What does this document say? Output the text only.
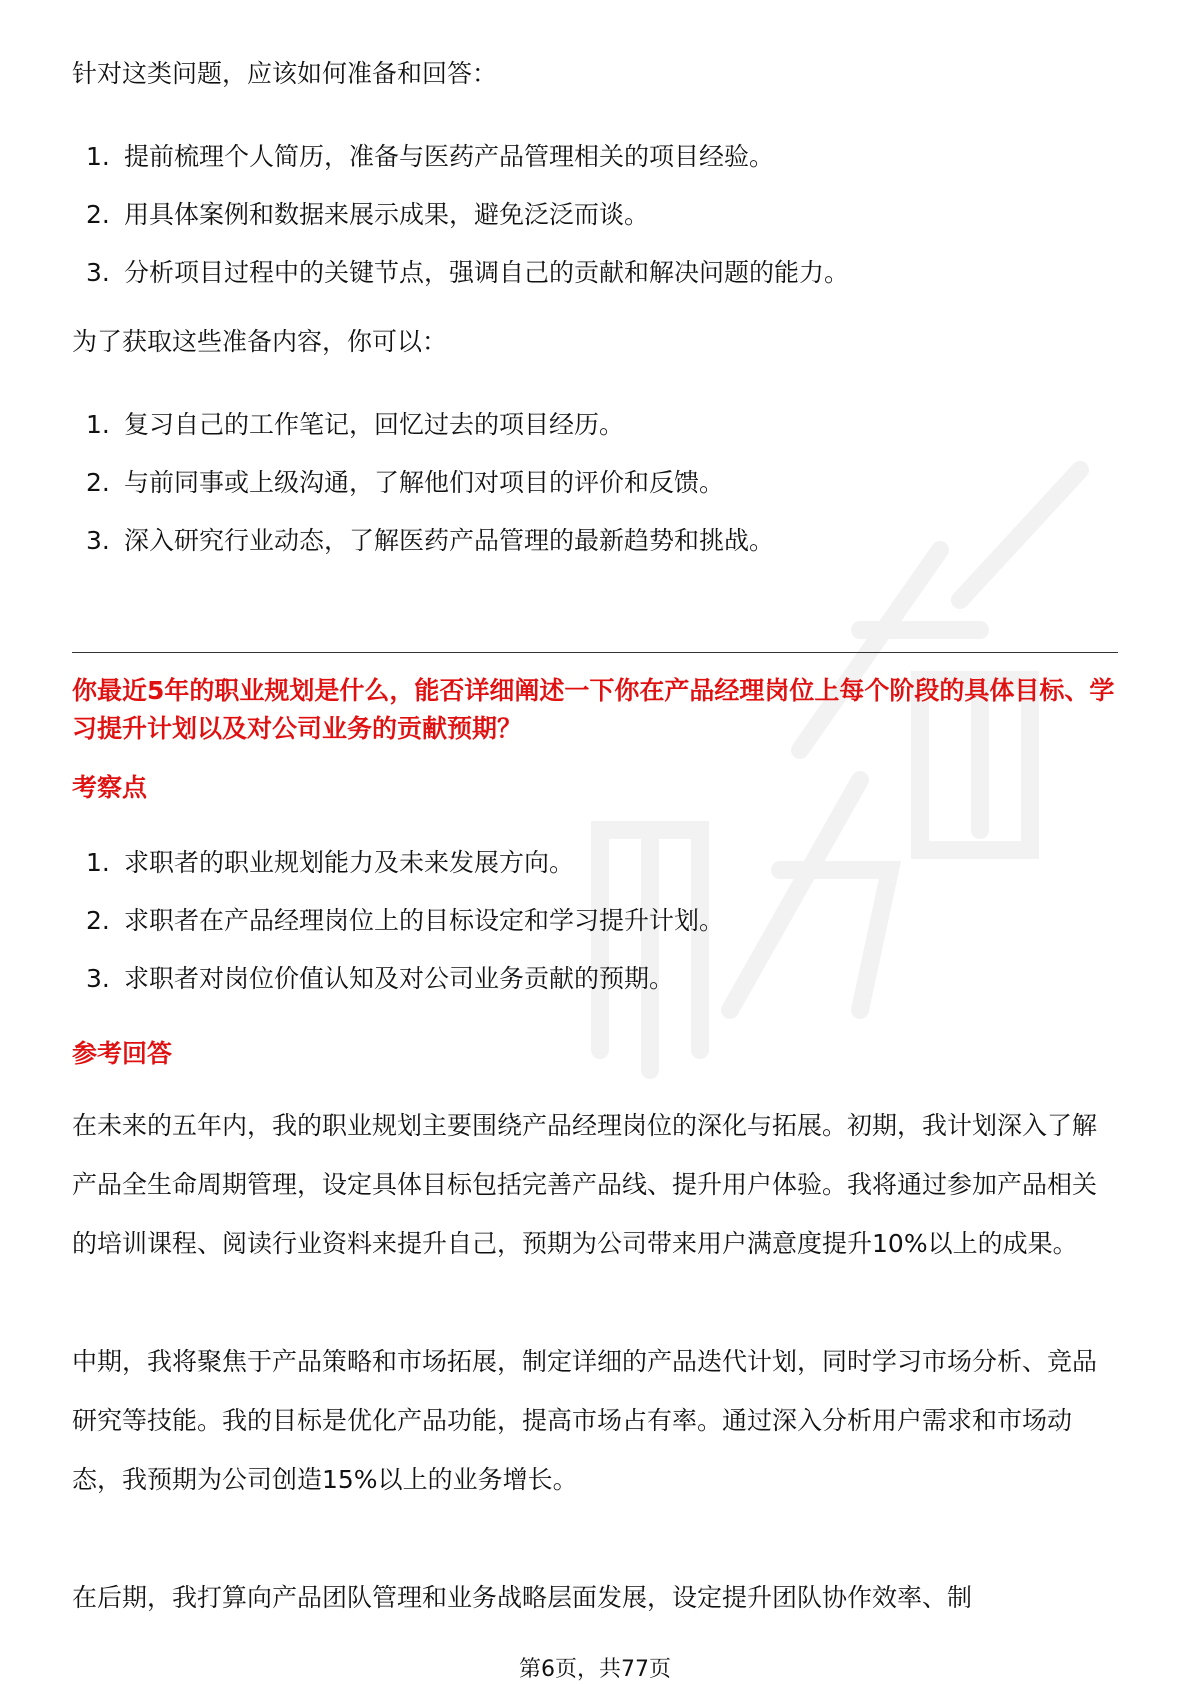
针对这类问题，应该如何准备和回答：

1. 提前梳理个人简历，准备与医药产品管理相关的项目经验。
2. 用具体案例和数据来展示成果，避免泛泛而谈。
3. 分析项目过程中的关键节点，强调自己的贡献和解决问题的能力。

为了获取这些准备内容，你可以：

1. 复习自己的工作笔记，回忆过去的项目经历。
2. 与前同事或上级沟通，了解他们对项目的评价和反馈。
3. 深入研究行业动态，了解医药产品管理的最新趋势和挑战。

你最近5年的职业规划是什么，能否详细阐述一下你在产品经理岗位上每个阶段的具体目标、学习提升计划以及对公司业务的贡献预期？

考察点

1. 求职者的职业规划能力及未来发展方向。
2. 求职者在产品经理岗位上的目标设定和学习提升计划。
3. 求职者对岗位价值认知及对公司业务贡献的预期。

参考回答

在未来的五年内，我的职业规划主要围绕产品经理岗位的深化与拓展。初期，我计划深入了解产品全生命周期管理，设定具体目标包括完善产品线、提升用户体验。我将通过参加产品相关的培训课程、阅读行业资料来提升自己，预期为公司带来用户满意度提升10%以上的成果。

中期，我将聚焦于产品策略和市场拓展，制定详细的产品迭代计划，同时学习市场分析、竞品研究等技能。我的目标是优化产品功能，提高市场占有率。通过深入分析用户需求和市场动态，我预期为公司创造15%以上的业务增长。

在后期，我打算向产品团队管理和业务战略层面发展，设定提升团队协作效率、制

第6页，共77页
